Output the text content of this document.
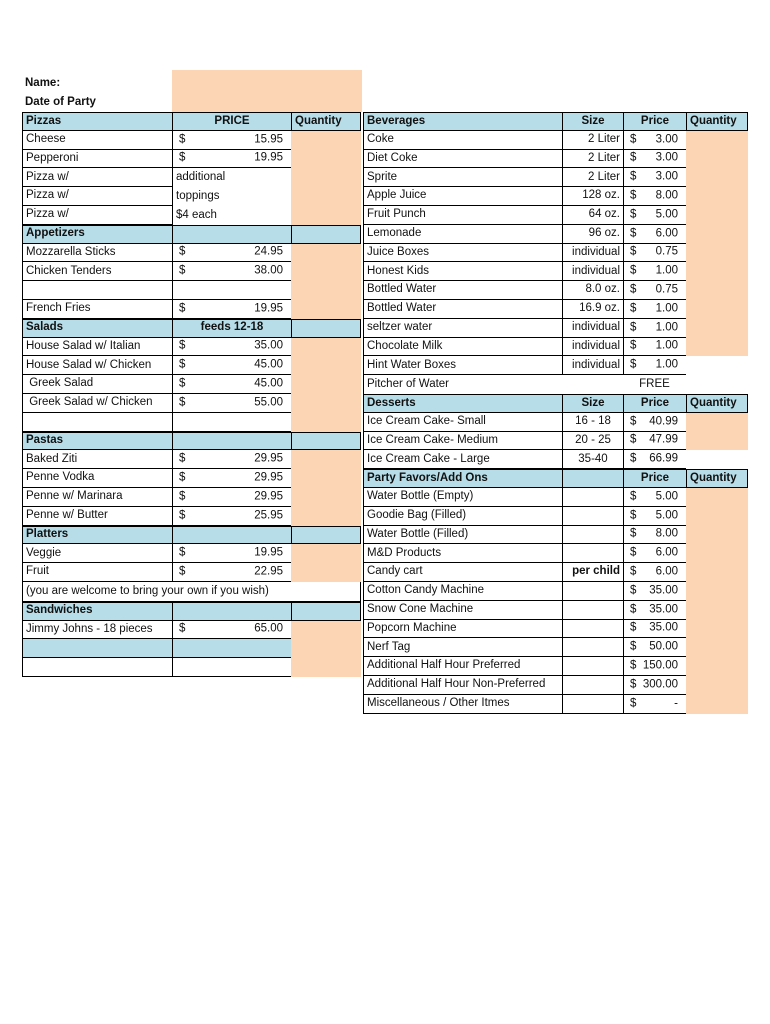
Name:
Date of Party
Pizzas	PRICE	Quantity
Cheese	$	15.95
Pepperoni	$	19.95
Pizza w/	additional
Pizza w/	toppings
Pizza w/	$4 each
Appetizers
Mozzarella Sticks	$	24.95
Chicken Tenders	$	38.00
French Fries	$	19.95
Salads	feeds 12-18
House Salad w/ Italian	$	35.00
House Salad w/ Chicken	$	45.00
Greek Salad	$	45.00
Greek Salad w/ Chicken	$	55.00
Pastas
Baked Ziti	$	29.95
Penne Vodka	$	29.95
Penne w/ Marinara	$	29.95
Penne w/ Butter	$	25.95
Platters
Veggie	$	19.95
Fruit	$	22.95
(you are welcome to bring your own if you wish)
Sandwiches
Jimmy Johns - 18 pieces	$	65.00
Beverages	Size	Price	Quantity
Coke	2 Liter $ 3.00
Diet Coke	2 Liter $ 3.00
Sprite	2 Liter $ 3.00
Apple Juice	128 oz. $ 8.00
Fruit Punch	64 oz. $ 5.00
Lemonade	96 oz. $ 6.00
Juice Boxes	individual $ 0.75
Honest Kids	individual $ 1.00
Bottled Water	8.0 oz. $ 0.75
Bottled Water	16.9 oz. $ 1.00
seltzer water	individual $ 1.00
Chocolate Milk	individual $ 1.00
Hint Water Boxes	individual $ 1.00
Pitcher of Water	FREE
Desserts	Size	Price	Quantity
Ice Cream Cake- Small	16 - 18	$ 40.99
Ice Cream Cake- Medium	20 - 25	$ 47.99
Ice Cream Cake - Large	35-40	$ 66.99
Party Favors/Add Ons	Price	Quantity
Water Bottle (Empty)	$ 5.00
Goodie Bag (Filled)	$ 5.00
Water Bottle (Filled)	$ 8.00
M&D Products	$ 6.00
Candy cart	per child $ 6.00
Cotton Candy Machine	$ 35.00
Snow Cone Machine	$ 35.00
Popcorn Machine	$ 35.00
Nerf Tag	$ 50.00
Additional Half Hour Preferred	$ 150.00
Additional Half Hour Non-Preferred	$ 300.00
Miscellaneous / Other Itmes	$	-
